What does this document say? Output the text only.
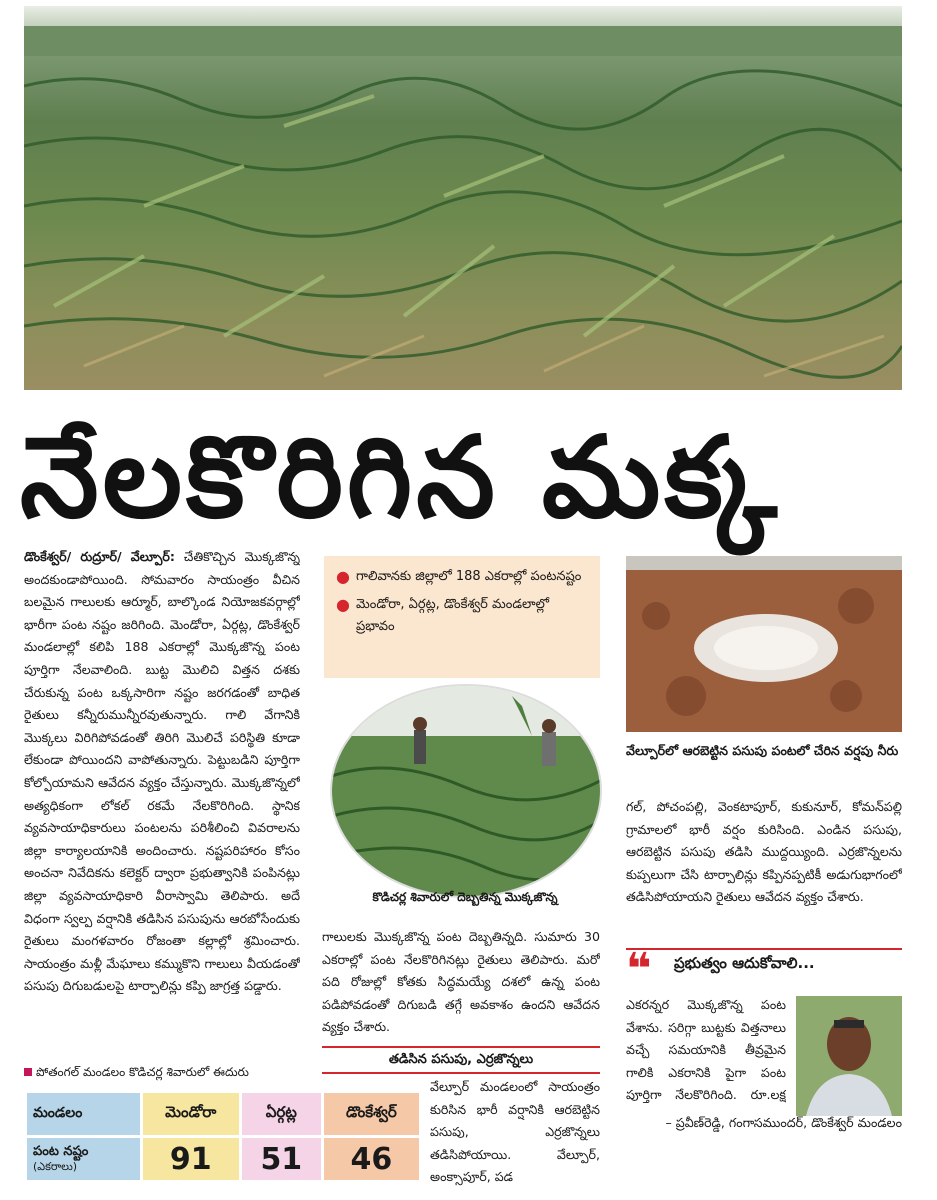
నేలకొరిగిన మక్క
డొంకేశ్వర్/ రుద్రూర్/ వేల్పూర్: చేతికొచ్చిన మొక్కజొన్న అందకుండాపోయింది. సోమవారం సాయంత్రం వీచిన బలమైన గాలులకు ఆర్మూర్, బాల్కొండ నియోజకవర్గాల్లో భారీగా పంట నష్టం జరిగింది. మెండోరా, ఏర్గట్ల, డొంకేశ్వర్ మండలాల్లో కలిపి 188 ఎకరాల్లో మొక్కజొన్న పంట పూర్తిగా నేలవాలింది. బుట్ట మొలిచి విత్తన దశకు చేరుకున్న పంట ఒక్కసారిగా నష్టం జరగడంతో బాధిత రైతులు కన్నీరుమున్నీరవుతున్నారు. గాలి వేగానికి మొక్కలు విరిగిపోవడంతో తిరిగి మొలిచే పరిస్థితి కూడా లేకుండా పోయిందని వాపోతున్నారు. పెట్టుబడిని పూర్తిగా కోల్పోయామని ఆవేదన వ్యక్తం చేస్తున్నారు. మొక్కజొన్నలో అత్యధికంగా లోకల్ రకమే నేలకొరిగింది. స్థానిక వ్యవసాయాధికారులు పంటలను పరిశీలించి వివరాలను జిల్లా కార్యాలయానికి అందించారు. నష్టపరిహారం కోసం అంచనా నివేదికను కలెక్టర్ ద్వారా ప్రభుత్వానికి పంపినట్లు జిల్లా వ్యవసాయాధికారి వీరాస్వామి తెలిపారు. అదే విధంగా స్వల్ప వర్షానికి తడిసిన పసుపును ఆరబోసేందుకు రైతులు మంగళవారం రోజంతా కల్లాల్లో శ్రమించారు. సాయంత్రం మళ్లీ మేఘాలు కమ్ముకొని గాలులు వీయడంతో పసుపు దిగుబడులపై టార్పాలిన్లు కప్పి జాగ్రత్త పడ్డారు.
పోతంగల్ మండలం కొడిచర్ల శివారులో ఈదురు
● గాలివానకు జిల్లాలో 188 ఎకరాల్లో పంటనష్టం
● మెండోరా, ఏర్గట్ల, డొంకేశ్వర్ మండలాల్లో ప్రభావం
కొడిచర్ల శివారులో దెబ్బతిన్న మొక్కజొన్న
గాలులకు మొక్కజొన్న పంట దెబ్బతిన్నది. సుమారు 30 ఎకరాల్లో పంట నేలకొరిగినట్లు రైతులు తెలిపారు. మరో పది రోజుల్లో కోతకు సిద్ధమయ్యే దశలో ఉన్న పంట పడిపోవడంతో దిగుబడి తగ్గే అవకాశం ఉందని ఆవేదన వ్యక్తం చేశారు.
తడిసిన పసుపు, ఎర్రజొన్నలు
వేల్పూర్ మండలంలో సాయంత్రం కురిసిన భారీ వర్షానికి ఆరబెట్టిన పసుపు, ఎర్రజొన్నలు తడిసిపోయాయి. వేల్పూర్, అంక్సాపూర్, పడ
వేల్పూర్‌లో ఆరబెట్టిన పసుపు పంటలో చేరిన వర్షపు నీరు
గల్, పోచంపల్లి, వెంకటాపూర్, కుకునూర్, కోమన్‌పల్లి గ్రామాలలో భారీ వర్షం కురిసింది. ఎండిన పసుపు, ఆరబెట్టిన పసుపు తడిసి ముద్దయ్యింది. ఎర్రజొన్నలను కుప్పలుగా చేసి టార్పాలిన్లు కప్పినప్పటికీ అడుగుభాగంలో తడిసిపోయాయని రైతులు ఆవేదన వ్యక్తం చేశారు.
❝ ప్రభుత్వం ఆదుకోవాలి...
ఎకరన్నర మొక్కజొన్న పంట వేశాను. సరిగ్గా బుట్టకు విత్తనాలు వచ్చే సమయానికి తీవ్రమైన గాలికి ఎకరానికి పైగా పంట పూర్తిగా నేలకొరిగింది. రూ.లక్ష
– ప్రవీణ్‌రెడ్డి, గంగాసముందర్, డొంకేశ్వర్ మండలం
మండలం	మెండోరా	ఏర్గట్ల	డొంకేశ్వర్
పంట నష్టం
(ఎకరాలు)	91	51	46
